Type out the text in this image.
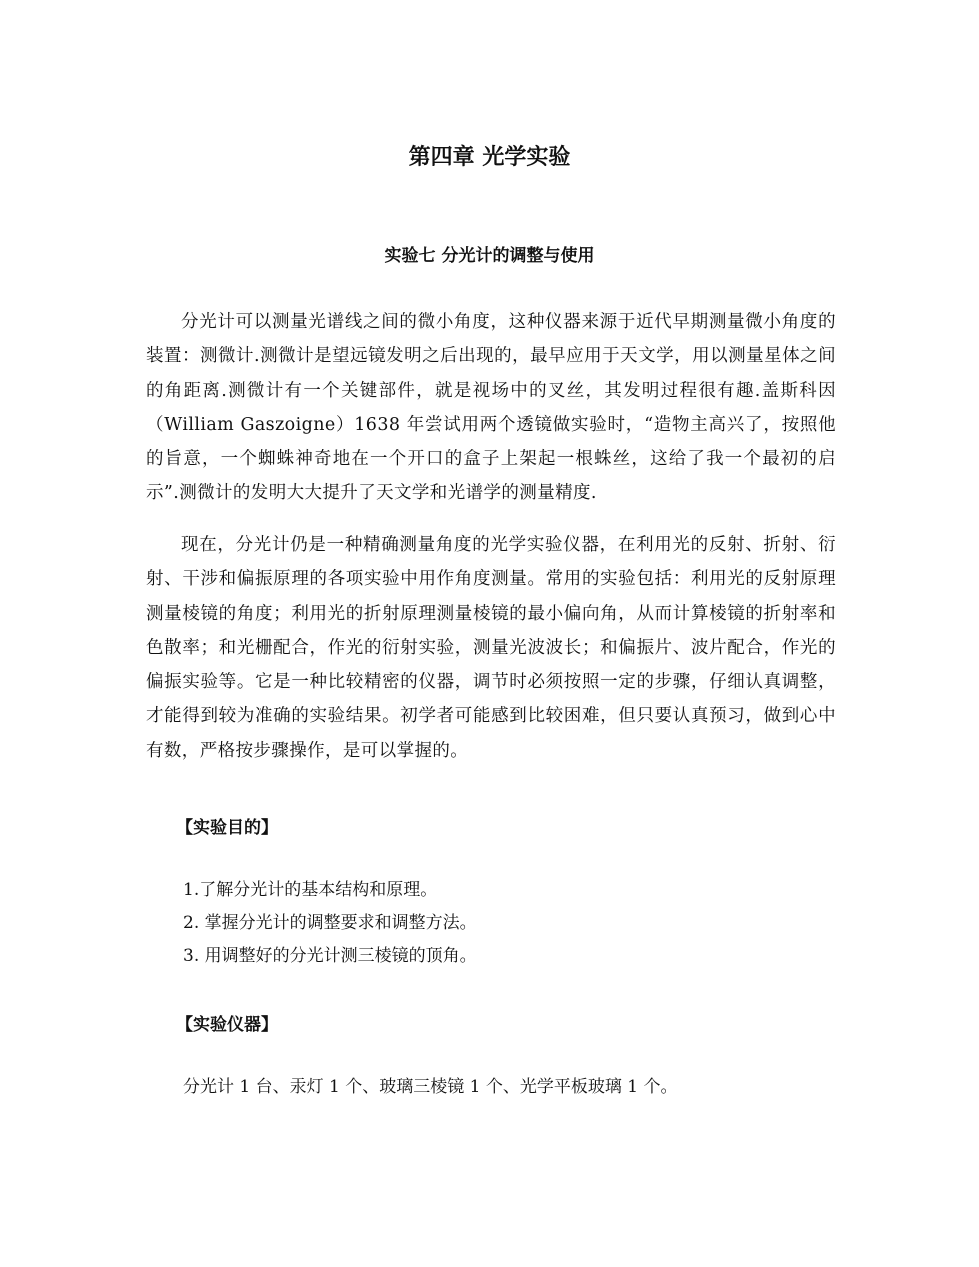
第四章 光学实验
实验七 分光计的调整与使用

分光计可以测量光谱线之间的微小角度，这种仪器来源于近代早期测量微小角度的装置：测微计.测微计是望远镜发明之后出现的，最早应用于天文学，用以测量星体之间的角距离.测微计有一个关键部件，就是视场中的叉丝，其发明过程很有趣.盖斯科因（William Gaszoigne）1638 年尝试用两个透镜做实验时，“造物主高兴了，按照他的旨意，一个蜘蛛神奇地在一个开口的盒子上架起一根蛛丝，这给了我一个最初的启示”.测微计的发明大大提升了天文学和光谱学的测量精度.

现在，分光计仍是一种精确测量角度的光学实验仪器，在利用光的反射、折射、衍射、干涉和偏振原理的各项实验中用作角度测量。常用的实验包括：利用光的反射原理测量棱镜的角度；利用光的折射原理测量棱镜的最小偏向角，从而计算棱镜的折射率和色散率；和光栅配合，作光的衍射实验，测量光波波长；和偏振片、波片配合，作光的偏振实验等。它是一种比较精密的仪器，调节时必须按照一定的步骤，仔细认真调整，才能得到较为准确的实验结果。初学者可能感到比较困难，但只要认真预习，做到心中有数，严格按步骤操作，是可以掌握的。

【实验目的】
1.了解分光计的基本结构和原理。
2. 掌握分光计的调整要求和调整方法。
3. 用调整好的分光计测三棱镜的顶角。
【实验仪器】

分光计 1 台、汞灯 1 个、玻璃三棱镜 1 个、光学平板玻璃 1 个。
